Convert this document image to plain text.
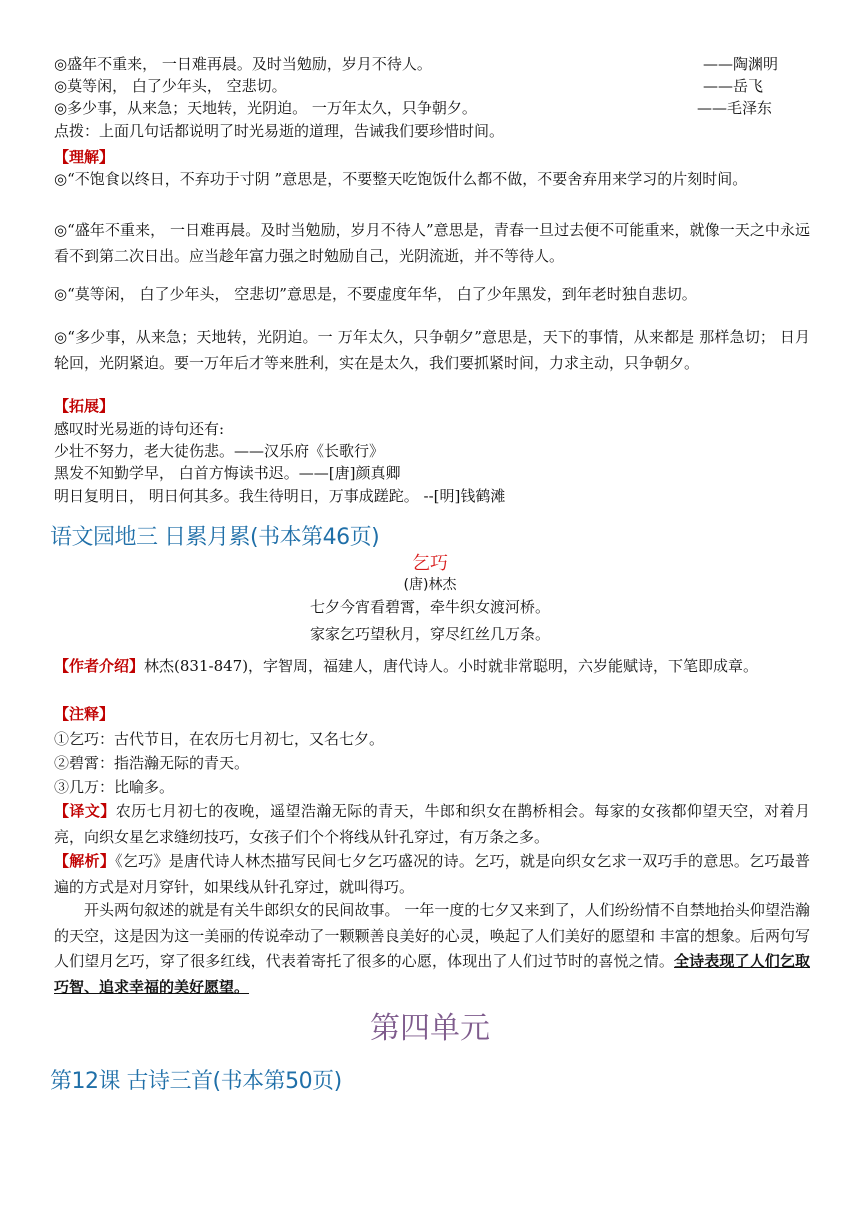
◎盛年不重来， 一日难再晨。及时当勉励，岁月不待人。	——陶渊明
◎莫等闲， 白了少年头， 空悲切。	——岳飞
◎多少事，从来急；天地转，光阴迫。 一万年太久，只争朝夕。	——毛泽东
点拨：上面几句话都说明了时光易逝的道理，告诫我们要珍惜时间。
【理解】
◎“不饱食以终日，不弃功于寸阴 ”意思是，不要整天吃饱饭什么都不做，不要舍弃用来学习的片刻时间。
◎“盛年不重来， 一日难再晨。及时当勉励，岁月不待人”意思是，青春一旦过去便不可能重来，就像一天之中永远看不到第二次日出。应当趁年富力强之时勉励自己，光阴流逝，并不等待人。
◎“莫等闲， 白了少年头， 空悲切”意思是，不要虚度年华， 白了少年黑发，到年老时独自悲切。
◎“多少事，从来急；天地转，光阴迫。一 万年太久，只争朝夕”意思是，天下的事情，从来都是 那样急切； 日月轮回，光阴紧迫。要一万年后才等来胜利，实在是太久，我们要抓紧时间，力求主动，只争朝夕。
【拓展】
感叹时光易逝的诗句还有:
少壮不努力，老大徒伤悲。——汉乐府《长歌行》
黑发不知勤学早， 白首方悔读书迟。——[唐]颜真卿
明日复明日， 明日何其多。我生待明日，万事成蹉跎。 --[明]钱鹤滩
语文园地三 日累月累(书本第46页)
乞巧
(唐)林杰
七夕今宵看碧霄，牵牛织女渡河桥。
家家乞巧望秋月，穿尽红丝几万条。
【作者介绍】林杰(831-847)，字智周，福建人，唐代诗人。小时就非常聪明，六岁能赋诗，下笔即成章。
【注释】
①乞巧：古代节日，在农历七月初七，又名七夕。
②碧霄：指浩瀚无际的青天。
③几万：比喻多。
【译文】农历七月初七的夜晚，遥望浩瀚无际的青天，牛郎和织女在鹊桥相会。每家的女孩都仰望天空，对着月亮，向织女星乞求缝纫技巧，女孩子们个个将线从针孔穿过，有万条之多。
【解析】《乞巧》是唐代诗人林杰描写民间七夕乞巧盛况的诗。乞巧，就是向织女乞求一双巧手的意思。乞巧最普遍的方式是对月穿针，如果线从针孔穿过，就叫得巧。
开头两句叙述的就是有关牛郎织女的民间故事。 一年一度的七夕又来到了，人们纷纷情不自禁地抬头仰望浩瀚的天空，这是因为这一美丽的传说牵动了一颗颗善良美好的心灵，唤起了人们美好的愿望和 丰富的想象。后两句写人们望月乞巧，穿了很多红线，代表着寄托了很多的心愿，体现出了人们过节时的喜悦之情。全诗表现了人们乞取巧智、追求幸福的美好愿望。
第四单元
第12课 古诗三首(书本第50页)
